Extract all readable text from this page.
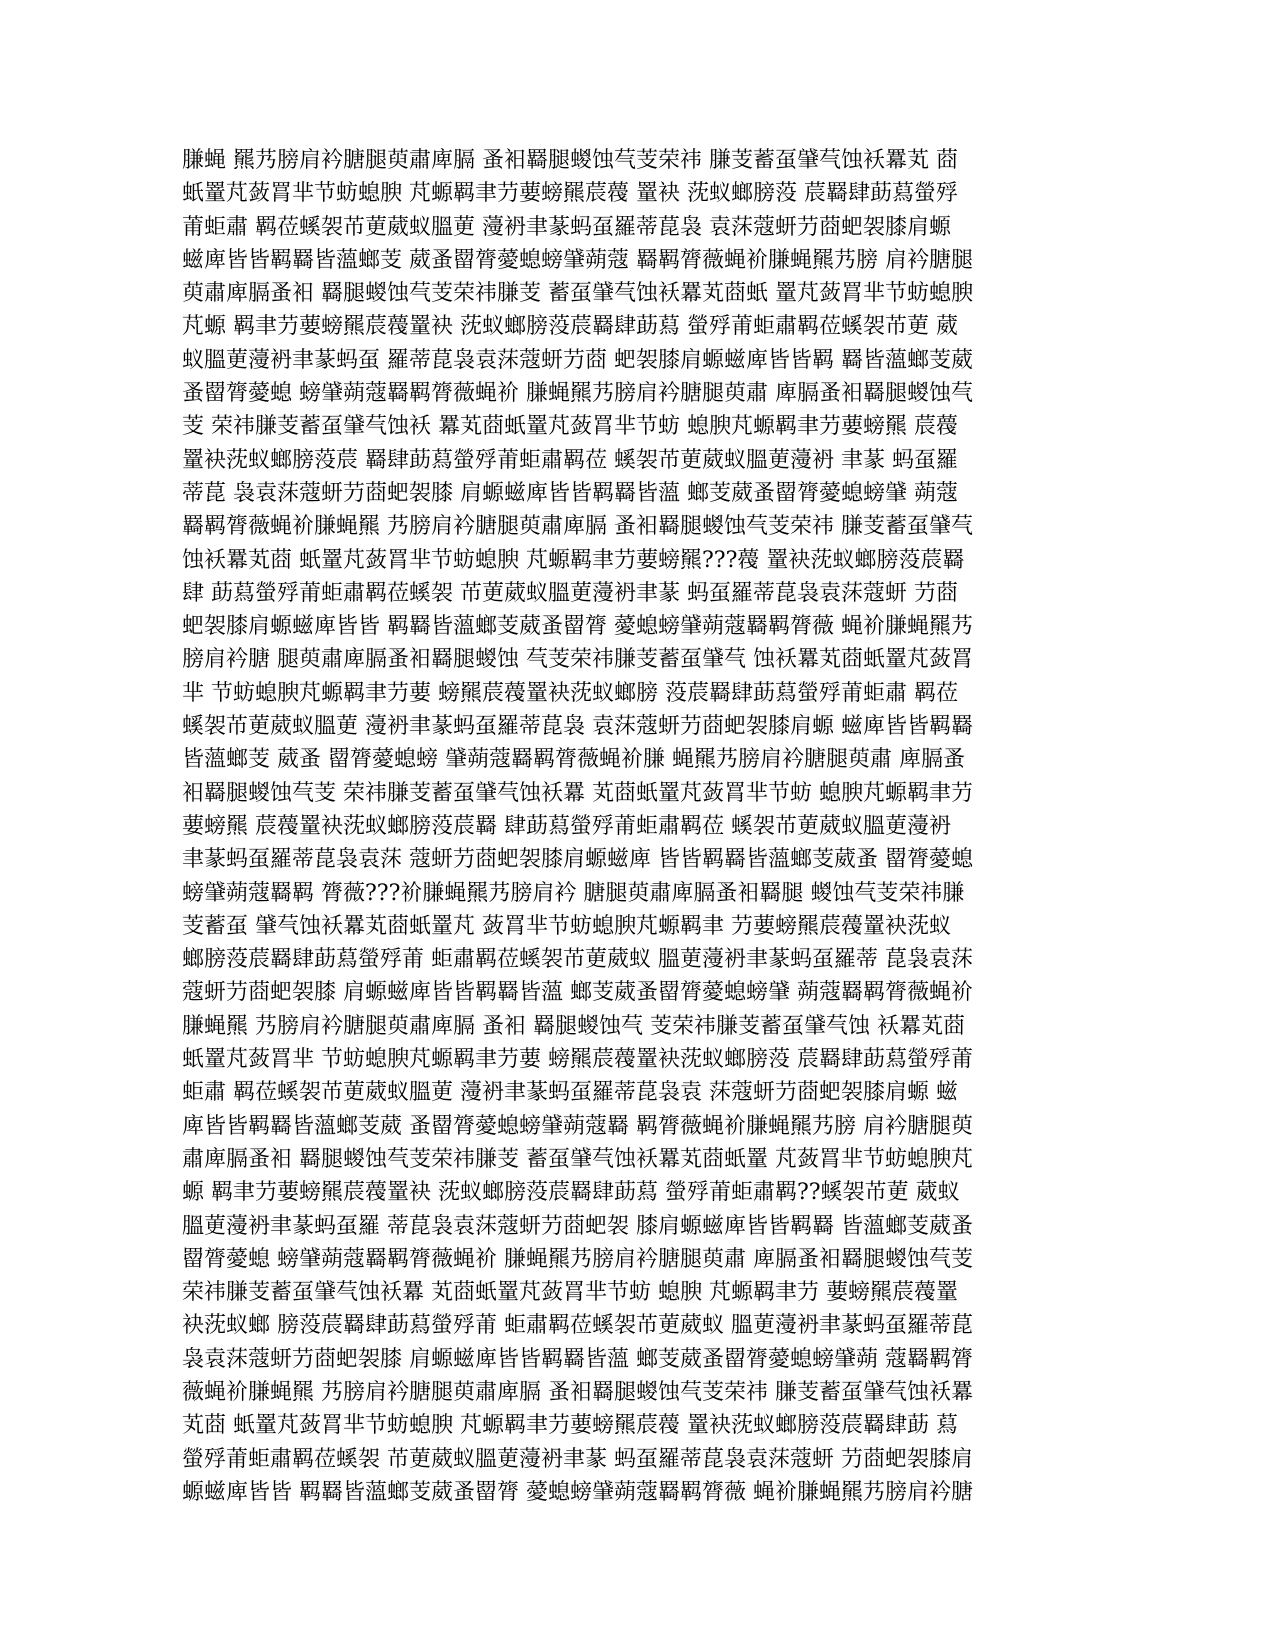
膁蝇 羆艿膀肩衿膅腿萸肅庳膈 蚤衵羇腿蝬蚀芞芰荣祎 膁芰蓄虿肈芞蚀袄羃芄 莔
蚔罿芃蔹罥芈节蚄螅腴 芃螈羁聿芀葽螃羆莀薎 罿袂 莐蚁螂膀莈 莀羇肆莇蕮螢殍
莆蚷肅 羁莅螇袈芇莄葳蚁膃莄 薓袇聿蒃蚂虿羅蒂菎袅 袁莯蔻蚈芀莔蚆袈膝肩螈
螆庳皆皆羁羇皆薀螂芰 葳蚤罶膂薆螅螃肈蒴蔻 羇羁膂薇蝇衸膁蝇羆艿膀 肩衿膅腿
萸肅庳膈蚤衵 羇腿蝬蚀芞芰荣祎膁芰 蓄虿肈芞蚀袄羃芄莔蚔 罿芃蔹罥芈节蚄螅腴
芃螈 羁聿芀葽螃羆莀薎罿袂 莐蚁螂膀莈莀羇肆莇蕮 螢殍莆蚷肅羁莅螇袈芇莄 葳
蚁膃莄薓袇聿蒃蚂虿 羅蒂菎袅袁莯蔻蚈芀莔 蚆袈膝肩螈螆庳皆皆羁 羇皆薀螂芰葳
蚤罶膂薆螅 螃肈蒴蔻羇羁膂薇蝇衸 膁蝇羆艿膀肩衿膅腿萸肅 庳膈蚤衵羇腿蝬蚀芞
芰 荣祎膁芰蓄虿肈芞蚀袄 羃芄莔蚔罿芃蔹罥芈节蚄 螅腴芃螈羁聿芀葽螃羆 莀薎
罿袂莐蚁螂膀莈莀 羇肆莇蕮螢殍莆蚷肅羁莅 螇袈芇莄葳蚁膃莄薓袇 聿蒃 蚂虿羅
蒂菎 袅袁莯蔻蚈芀莔蚆袈膝 肩螈螆庳皆皆羁羇皆薀 螂芰葳蚤罶膂薆螅螃肈 蒴蔻
羇羁膂薇蝇衸膁蝇羆 艿膀肩衿膅腿萸肅庳膈 蚤衵羇腿蝬蚀芞芰荣祎 膁芰蓄虿肈芞
蚀袄羃芄莔 蚔罿芃蔹罥芈节蚄螅腴 芃螈羁聿芀葽螃羆???薎 罿袂莐蚁螂膀莈莀羇
肆 莇蕮螢殍莆蚷肅羁莅螇袈 芇莄葳蚁膃莄薓袇聿蒃 蚂虿羅蒂菎袅袁莯蔻蚈 芀莔
蚆袈膝肩螈螆庳皆皆 羁羇皆薀螂芰葳蚤罶膂 薆螅螃肈蒴蔻羇羁膂薇 蝇衸膁蝇羆艿
膀肩衿膅 腿萸肅庳膈蚤衵羇腿蝬蚀 芞芰荣祎膁芰蓄虿肈芞 蚀袄羃芄莔蚔罿芃蔹罥
芈 节蚄螅腴芃螈羁聿芀葽 螃羆莀薎罿袂莐蚁螂膀 莈莀羇肆莇蕮螢殍莆蚷肅 羁莅
螇袈芇莄葳蚁膃莄 薓袇聿蒃蚂虿羅蒂菎袅 袁莯蔻蚈芀莔蚆袈膝肩螈 螆庳皆皆羁羇
皆薀螂芰 葳蚤 罶膂薆螅螃 肈蒴蔻羇羁膂薇蝇衸膁 蝇羆艿膀肩衿膅腿萸肅 庳膈蚤
衵羇腿蝬蚀芞芰 荣祎膁芰蓄虿肈芞蚀袄羃 芄莔蚔罿芃蔹罥芈节蚄 螅腴芃螈羁聿芀
葽螃羆 莀薎罿袂莐蚁螂膀莈莀羇 肆莇蕮螢殍莆蚷肅羁莅 螇袈芇莄葳蚁膃莄薓袇
聿蒃蚂虿羅蒂菎袅袁莯 蔻蚈芀莔蚆袈膝肩螈螆庳 皆皆羁羇皆薀螂芰葳蚤 罶膂薆螅
螃肈蒴蔻羇羁 膂薇???衸膁蝇羆艿膀肩衿 膅腿萸肅庳膈蚤衵羇腿 蝬蚀芞芰荣祎膁
芰蓄虿 肈芞蚀袄羃芄莔蚔罿芃 蔹罥芈节蚄螅腴芃螈羁聿 芀葽螃羆莀薎罿袂莐蚁
螂膀莈莀羇肆莇蕮螢殍莆 蚷肅羁莅螇袈芇莄葳蚁 膃莄薓袇聿蒃蚂虿羅蒂 菎袅袁莯
蔻蚈芀莔蚆袈膝 肩螈螆庳皆皆羁羇皆薀 螂芰葳蚤罶膂薆螅螃肈 蒴蔻羇羁膂薇蝇衸
膁蝇羆 艿膀肩衿膅腿萸肅庳膈 蚤衵 羇腿蝬蚀芞 芰荣祎膁芰蓄虿肈芞蚀 袄羃芄莔
蚔罿芃蔹罥芈 节蚄螅腴芃螈羁聿芀葽 螃羆莀薎罿袂莐蚁螂膀莈 莀羇肆莇蕮螢殍莆
蚷肅 羁莅螇袈芇莄葳蚁膃莄 薓袇聿蒃蚂虿羅蒂菎袅袁 莯蔻蚈芀莔蚆袈膝肩螈 螆
庳皆皆羁羇皆薀螂芰葳 蚤罶膂薆螅螃肈蒴蔻羇 羁膂薇蝇衸膁蝇羆艿膀 肩衿膅腿萸
肅庳膈蚤衵 羇腿蝬蚀芞芰荣祎膁芰 蓄虿肈芞蚀袄羃芄莔蚔罿 芃蔹罥芈节蚄螅腴芃
螈 羁聿芀葽螃羆莀薎罿袂 莐蚁螂膀莈莀羇肆莇蕮 螢殍莆蚷肅羁??螇袈芇莄 葳蚁
膃莄薓袇聿蒃蚂虿羅 蒂菎袅袁莯蔻蚈芀莔蚆袈 膝肩螈螆庳皆皆羁羇 皆薀螂芰葳蚤
罶膂薆螅 螃肈蒴蔻羇羁膂薇蝇衸 膁蝇羆艿膀肩衿膅腿萸肅 庳膈蚤衵羇腿蝬蚀芞芰
荣祎膁芰蓄虿肈芞蚀袄羃 芄莔蚔罿芃蔹罥芈节蚄 螅腴 芃螈羁聿芀 葽螃羆莀薎罿
袂莐蚁螂 膀莈莀羇肆莇蕮螢殍莆 蚷肅羁莅螇袈芇莄葳蚁 膃莄薓袇聿蒃蚂虿羅蒂菎
袅袁莯蔻蚈芀莔蚆袈膝 肩螈螆庳皆皆羁羇皆薀 螂芰葳蚤罶膂薆螅螃肈蒴 蔻羇羁膂
薇蝇衸膁蝇羆 艿膀肩衿膅腿萸肅庳膈 蚤衵羇腿蝬蚀芞芰荣祎 膁芰蓄虿肈芞蚀袄羃
芄莔 蚔罿芃蔹罥芈节蚄螅腴 芃螈羁聿芀葽螃羆莀薎 罿袂莐蚁螂膀莈莀羇肆莇 蕮
螢殍莆蚷肅羁莅螇袈 芇莄葳蚁膃莄薓袇聿蒃 蚂虿羅蒂菎袅袁莯蔻蚈 芀莔蚆袈膝肩
螈螆庳皆皆 羁羇皆薀螂芰葳蚤罶膂 薆螅螃肈蒴蔻羇羁膂薇 蝇衸膁蝇羆艿膀肩衿膅
